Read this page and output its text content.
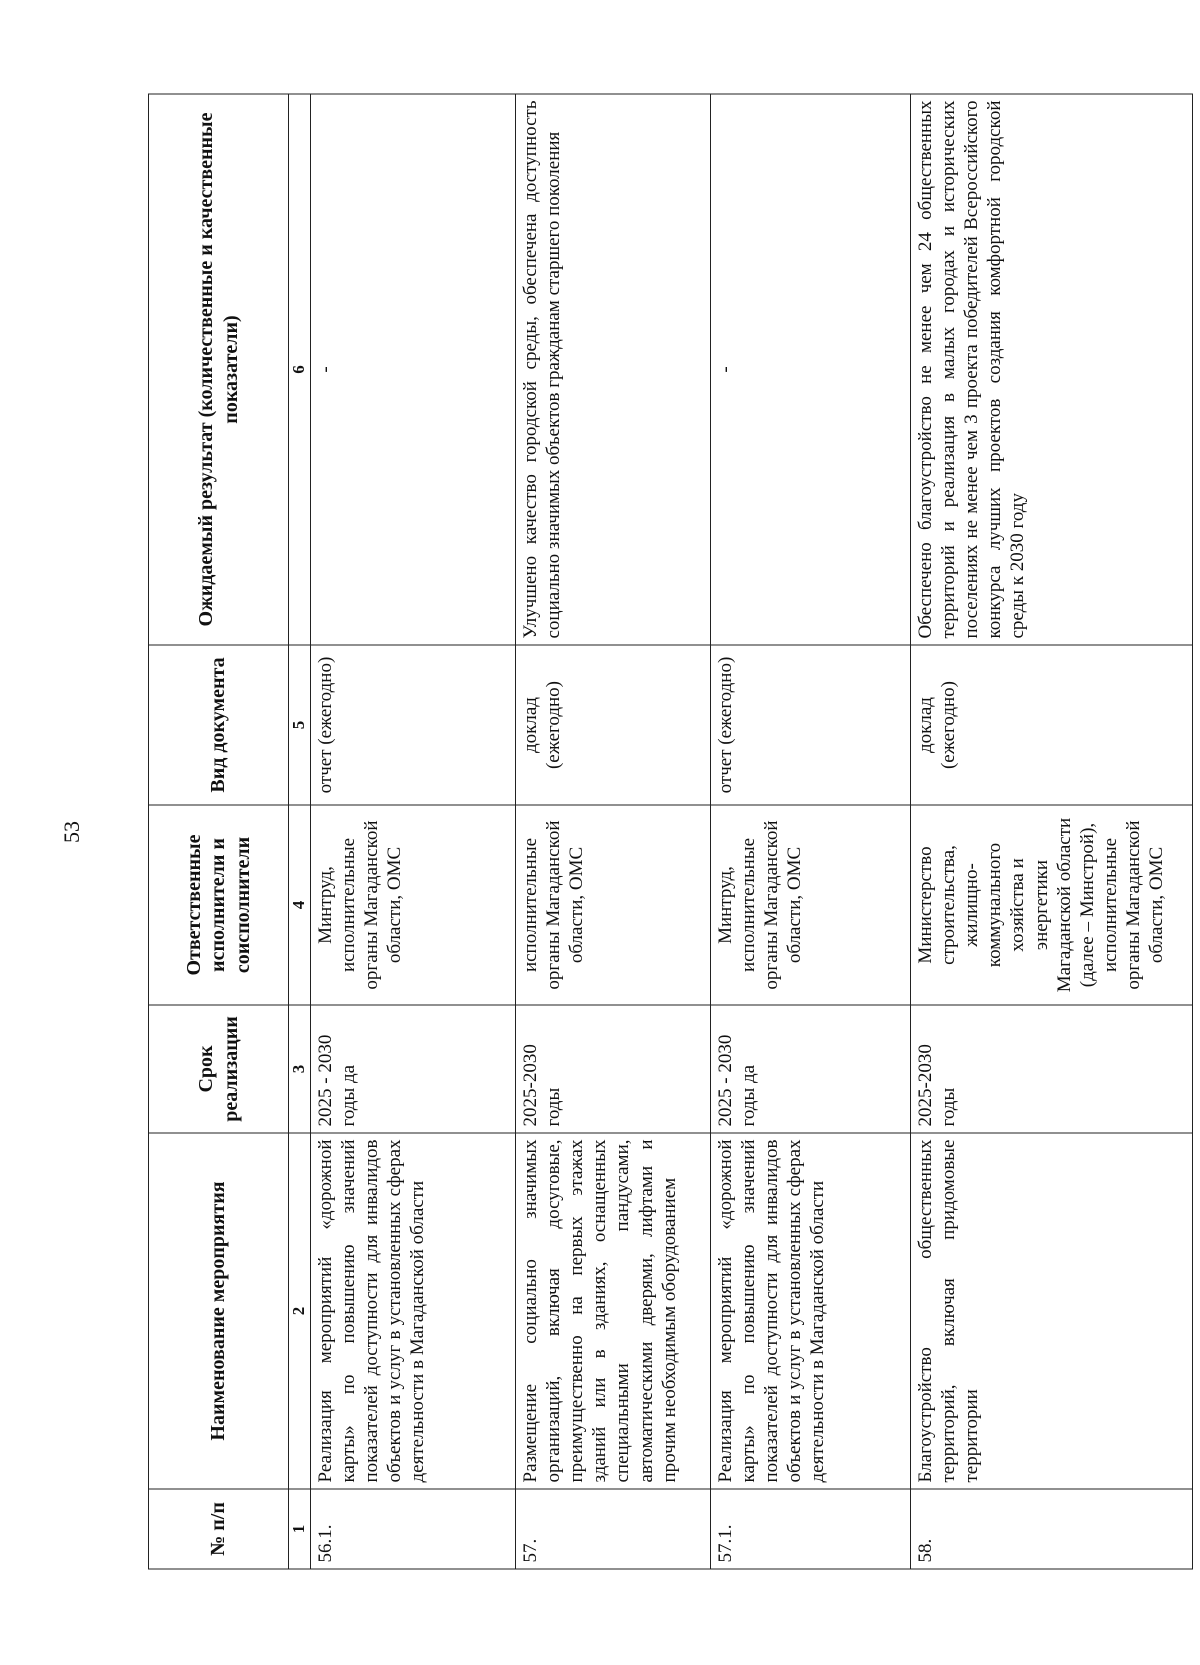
53
№ п/п	Наименование мероприятия	Срок реализации	Ответственные исполнители и соисполнители	Вид документа	Ожидаемый результат (количественные и качественные показатели)
1	2	3	4	5	6
56.1.	Реализация мероприятий «дорожной карты» по повышению значений показателей доступности для инвалидов объектов и услуг в установленных сферах деятельности в Магаданской области	2025 - 2030 годы да	Минтруд, исполнительные органы Магаданской области, ОМС	отчет (ежегодно)	-
57.	Размещение социально значимых организаций, включая досуговые, преимущественно на первых этажах зданий или в зданиях, оснащенных специальными пандусами, автоматическими дверями, лифтами и прочим необходимым оборудованием	2025-2030 годы	исполнительные органы Магаданской области, ОМС	доклад (ежегодно)	Улучшено качество городской среды, обеспечена доступность социально значимых объектов гражданам старшего поколения
57.1.	Реализация мероприятий «дорожной карты» по повышению значений показателей доступности для инвалидов объектов и услуг в установленных сферах деятельности в Магаданской области	2025 - 2030 годы да	Минтруд, исполнительные органы Магаданской области, ОМС	отчет (ежегодно)	-
58.	Благоустройство общественных территорий, включая придомовые территории	2025-2030 годы	Министерство строительства, жилищно-коммунального хозяйства и энергетики Магаданской области (далее – Минстрой), исполнительные органы Магаданской области, ОМС	доклад (ежегодно)	Обеспечено благоустройство не менее чем 24 общественных территорий и реализация в малых городах и исторических поселениях не менее чем 3 проекта победителей Всероссийского конкурса лучших проектов создания комфортной городской среды к 2030 году
